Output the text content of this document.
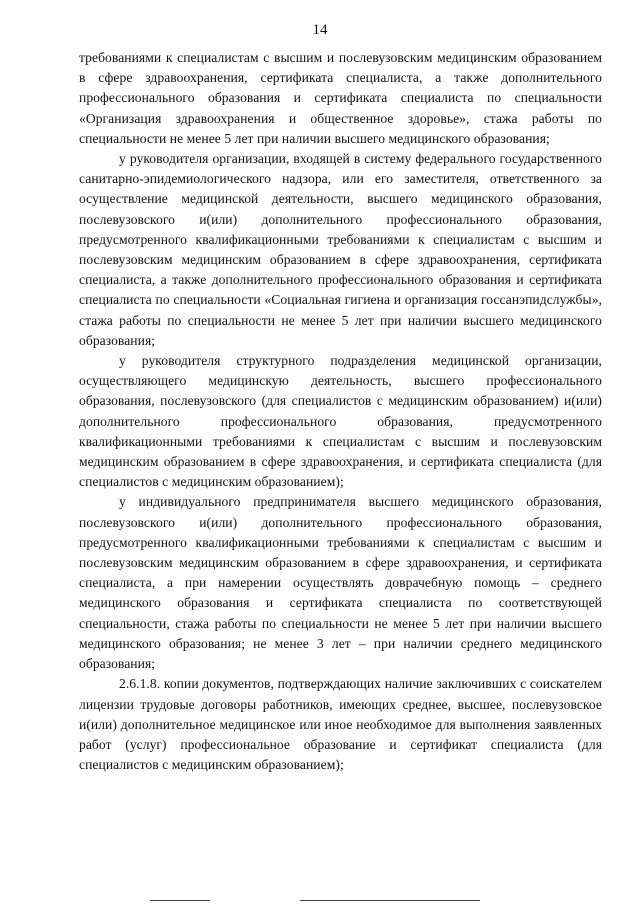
14

требованиями к специалистам с высшим и послевузовским медицинским образованием в сфере здравоохранения, сертификата специалиста, а также дополнительного профессионального образования и сертификата специалиста по специальности «Организация здравоохранения и общественное здоровье», стажа работы по специальности не менее 5 лет при наличии высшего медицинского образования;

у руководителя организации, входящей в систему федерального государственного санитарно-эпидемиологического надзора, или его заместителя, ответственного за осуществление медицинской деятельности, высшего медицинского образования, послевузовского и(или) дополнительного профессионального образования, предусмотренного квалификационными требованиями к специалистам с высшим и послевузовским медицинским образованием в сфере здравоохранения, сертификата специалиста, а также дополнительного профессионального образования и сертификата специалиста по специальности «Социальная гигиена и организация госсанэпидслужбы», стажа работы по специальности не менее 5 лет при наличии высшего медицинского образования;

у руководителя структурного подразделения медицинской организации, осуществляющего медицинскую деятельность, высшего профессионального образования, послевузовского (для специалистов с медицинским образованием) и(или) дополнительного профессионального образования, предусмотренного квалификационными требованиями к специалистам с высшим и послевузовским медицинским образованием в сфере здравоохранения, и сертификата специалиста (для специалистов с медицинским образованием);

у индивидуального предпринимателя высшего медицинского образования, послевузовского и(или) дополнительного профессионального образования, предусмотренного квалификационными требованиями к специалистам с высшим и послевузовским медицинским образованием в сфере здравоохранения, и сертификата специалиста, а при намерении осуществлять доврачебную помощь – среднего медицинского образования и сертификата специалиста по соответствующей специальности, стажа работы по специальности не менее 5 лет при наличии высшего медицинского образования; не менее 3 лет – при наличии среднего медицинского образования;

2.6.1.8. копии документов, подтверждающих наличие заключивших с соискателем лицензии трудовые договоры работников, имеющих среднее, высшее, послевузовское и(или) дополнительное медицинское или иное необходимое для выполнения заявленных работ (услуг) профессиональное образование и сертификат специалиста (для специалистов с медицинским образованием);
